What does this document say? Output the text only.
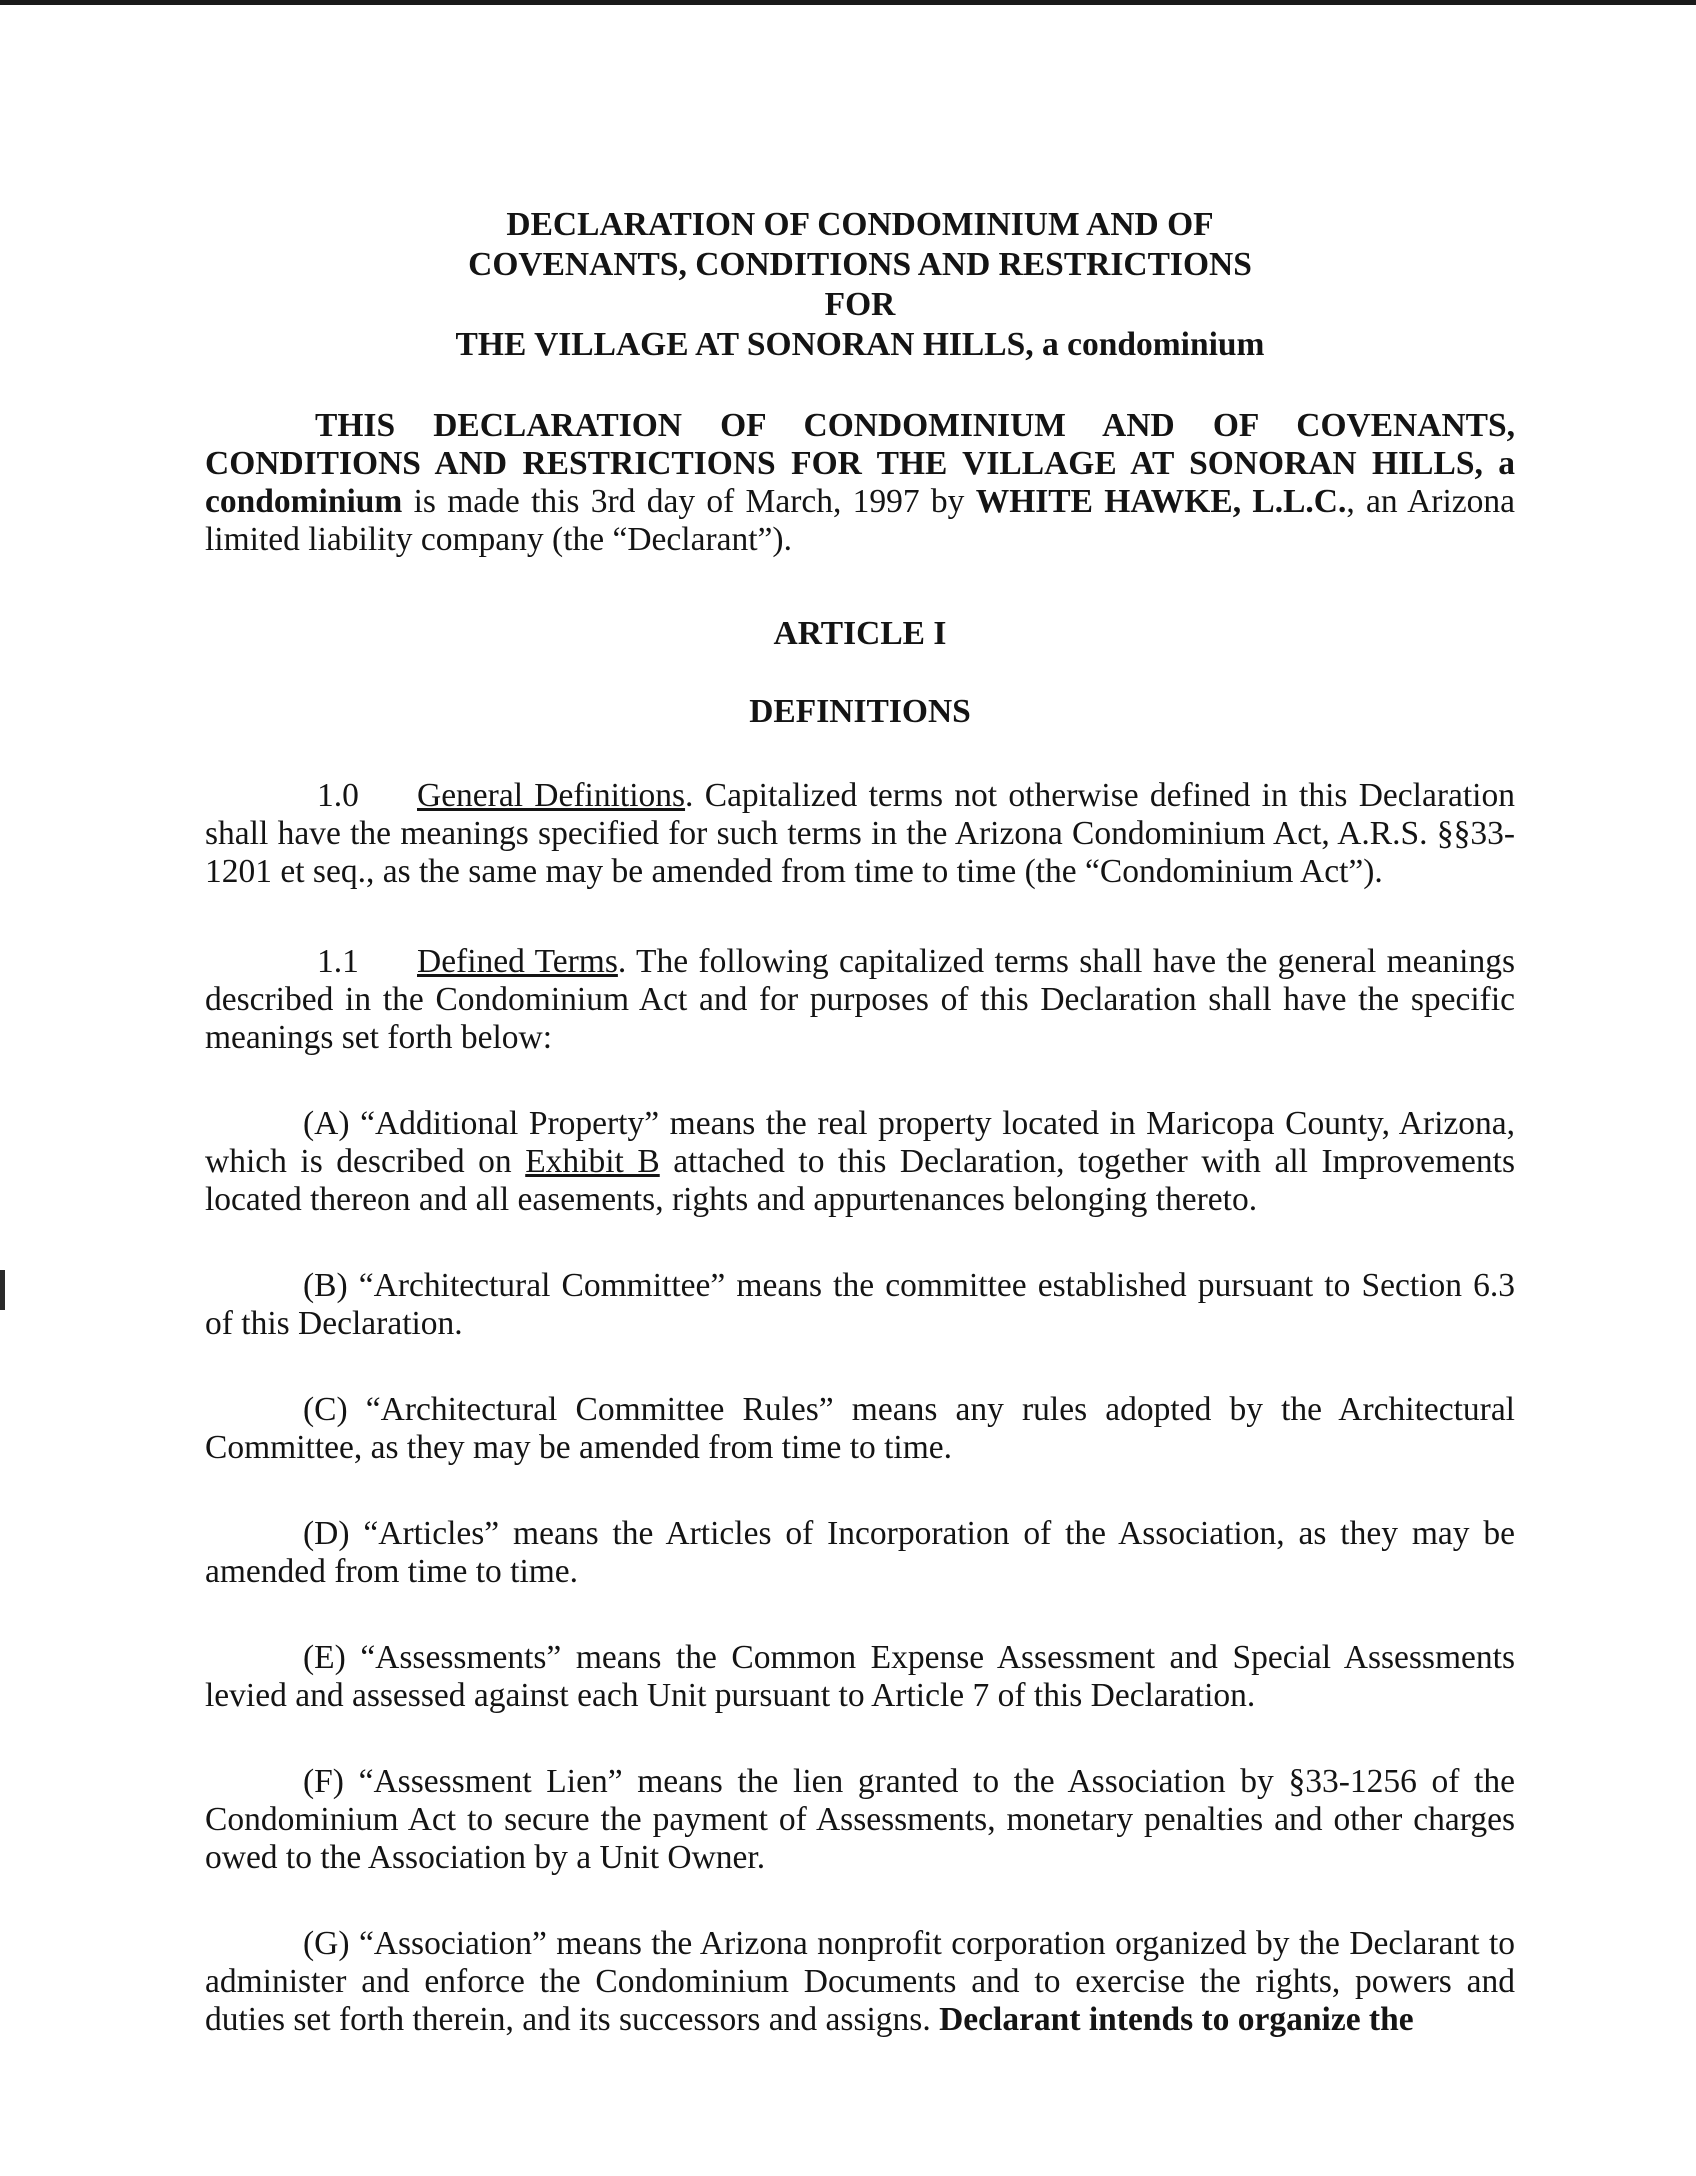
DECLARATION OF CONDOMINIUM AND OF
COVENANTS, CONDITIONS AND RESTRICTIONS
FOR
THE VILLAGE AT SONORAN HILLS, a condominium

THIS DECLARATION OF CONDOMINIUM AND OF COVENANTS, CONDITIONS AND RESTRICTIONS FOR THE VILLAGE AT SONORAN HILLS, a condominium is made this 3rd day of March, 1997 by WHITE HAWKE, L.L.C., an Arizona limited liability company (the “Declarant”).

ARTICLE I

DEFINITIONS

1.0 General Definitions. Capitalized terms not otherwise defined in this Declaration shall have the meanings specified for such terms in the Arizona Condominium Act, A.R.S. §§33-1201 et seq., as the same may be amended from time to time (the “Condominium Act”).

1.1 Defined Terms. The following capitalized terms shall have the general meanings described in the Condominium Act and for purposes of this Declaration shall have the specific meanings set forth below:

(A) “Additional Property” means the real property located in Maricopa County, Arizona, which is described on Exhibit B attached to this Declaration, together with all Improvements located thereon and all easements, rights and appurtenances belonging thereto.

(B) “Architectural Committee” means the committee established pursuant to Section 6.3 of this Declaration.

(C) “Architectural Committee Rules” means any rules adopted by the Architectural Committee, as they may be amended from time to time.

(D) “Articles” means the Articles of Incorporation of the Association, as they may be amended from time to time.

(E) “Assessments” means the Common Expense Assessment and Special Assessments levied and assessed against each Unit pursuant to Article 7 of this Declaration.

(F) “Assessment Lien” means the lien granted to the Association by §33-1256 of the Condominium Act to secure the payment of Assessments, monetary penalties and other charges owed to the Association by a Unit Owner.

(G) “Association” means the Arizona nonprofit corporation organized by the Declarant to administer and enforce the Condominium Documents and to exercise the rights, powers and duties set forth therein, and its successors and assigns. Declarant intends to organize the
